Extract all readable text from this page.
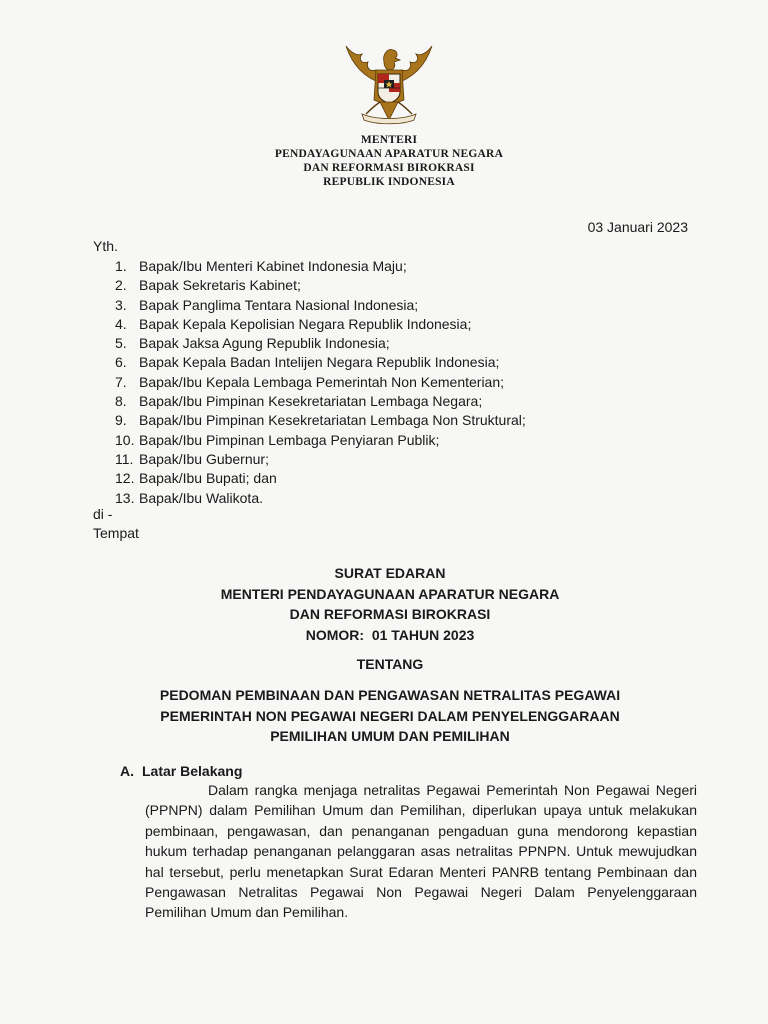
MENTERI
PENDAYAGUNAAN APARATUR NEGARA
DAN REFORMASI BIROKRASI
REPUBLIK INDONESIA
03 Januari 2023
Yth.
1. Bapak/Ibu Menteri Kabinet Indonesia Maju;
2. Bapak Sekretaris Kabinet;
3. Bapak Panglima Tentara Nasional Indonesia;
4. Bapak Kepala Kepolisian Negara Republik Indonesia;
5. Bapak Jaksa Agung Republik Indonesia;
6. Bapak Kepala Badan Intelijen Negara Republik Indonesia;
7. Bapak/Ibu Kepala Lembaga Pemerintah Non Kementerian;
8. Bapak/Ibu Pimpinan Kesekretariatan Lembaga Negara;
9. Bapak/Ibu Pimpinan Kesekretariatan Lembaga Non Struktural;
10. Bapak/Ibu Pimpinan Lembaga Penyiaran Publik;
11. Bapak/Ibu Gubernur;
12. Bapak/Ibu Bupati; dan
13. Bapak/Ibu Walikota.
di -
Tempat
SURAT EDARAN
MENTERI PENDAYAGUNAAN APARATUR NEGARA
DAN REFORMASI BIROKRASI
NOMOR:  01 TAHUN 2023
TENTANG
PEDOMAN PEMBINAAN DAN PENGAWASAN NETRALITAS PEGAWAI
PEMERINTAH NON PEGAWAI NEGERI DALAM PENYELENGGARAAN
PEMILIHAN UMUM DAN PEMILIHAN
A. Latar Belakang

Dalam rangka menjaga netralitas Pegawai Pemerintah Non Pegawai Negeri (PPNPN) dalam Pemilihan Umum dan Pemilihan, diperlukan upaya untuk melakukan pembinaan, pengawasan, dan penanganan pengaduan guna mendorong kepastian hukum terhadap penanganan pelanggaran asas netralitas PPNPN. Untuk mewujudkan hal tersebut, perlu menetapkan Surat Edaran Menteri PANRB tentang Pembinaan dan Pengawasan Netralitas Pegawai Non Pegawai Negeri Dalam Penyelenggaraan Pemilihan Umum dan Pemilihan.
